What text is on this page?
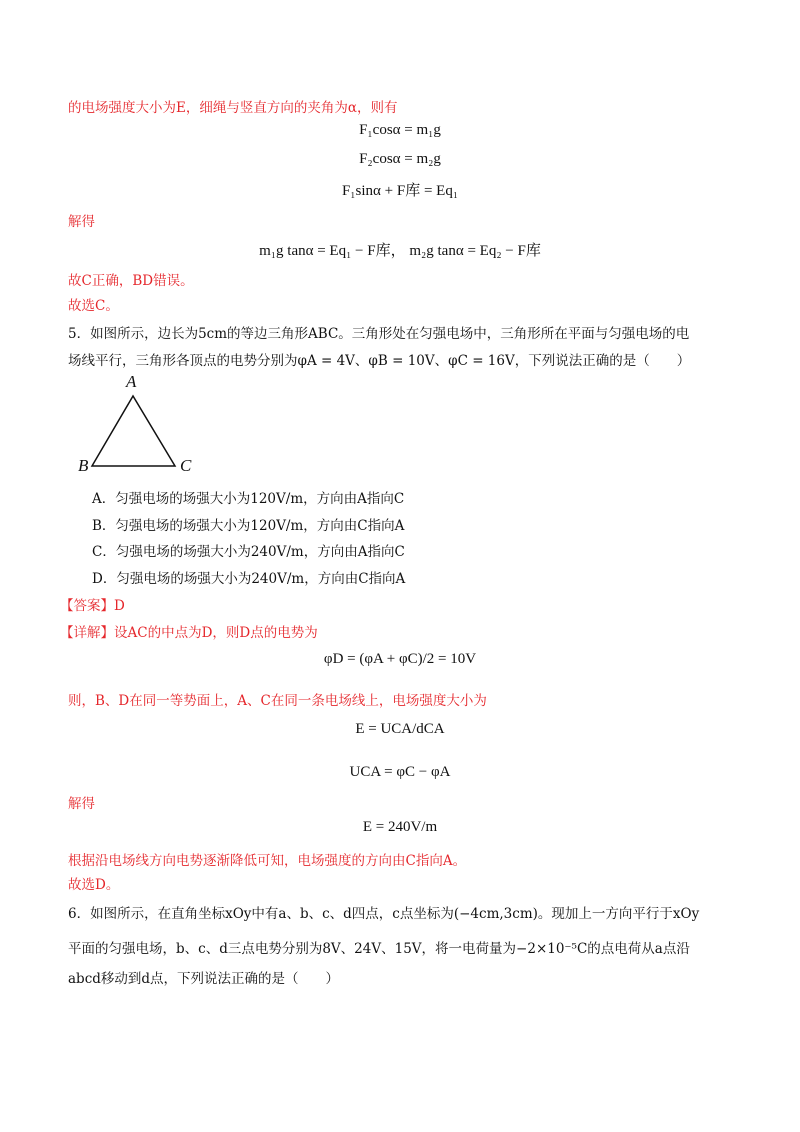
的电场强度大小为E，细绳与竖直方向的夹角为α，则有
F₁cosα = m₁g
F₂cosα = m₂g
F₁sinα + F库 = Eq₁
解得
m₁g tanα = Eq₁ − F库， m₂g tanα = Eq₂ − F库
故C正确，BD错误。
故选C。
5．如图所示，边长为5cm的等边三角形ABC。三角形处在匀强电场中，三角形所在平面与匀强电场的电
场线平行，三角形各顶点的电势分别为φA = 4V、φB = 10V、φC = 16V，下列说法正确的是（　　）
A
B	C
A．匀强电场的场强大小为120V/m，方向由A指向C
B．匀强电场的场强大小为120V/m，方向由C指向A
C．匀强电场的场强大小为240V/m，方向由A指向C
D．匀强电场的场强大小为240V/m，方向由C指向A
【答案】D
【详解】设AC的中点为D，则D点的电势为
φD = (φA + φC)/2 = 10V
则，B、D在同一等势面上，A、C在同一条电场线上，电场强度大小为
E = UCA/dCA
UCA = φC − φA
解得
E = 240V/m
根据沿电场线方向电势逐渐降低可知，电场强度的方向由C指向A。
故选D。
6．如图所示，在直角坐标xOy中有a、b、c、d四点，c点坐标为(−4cm,3cm)。现加上一方向平行于xOy
平面的匀强电场，b、c、d三点电势分别为8V、24V、15V，将一电荷量为−2×10⁻⁵C的点电荷从a点沿
abcd移动到d点，下列说法正确的是（　　）
